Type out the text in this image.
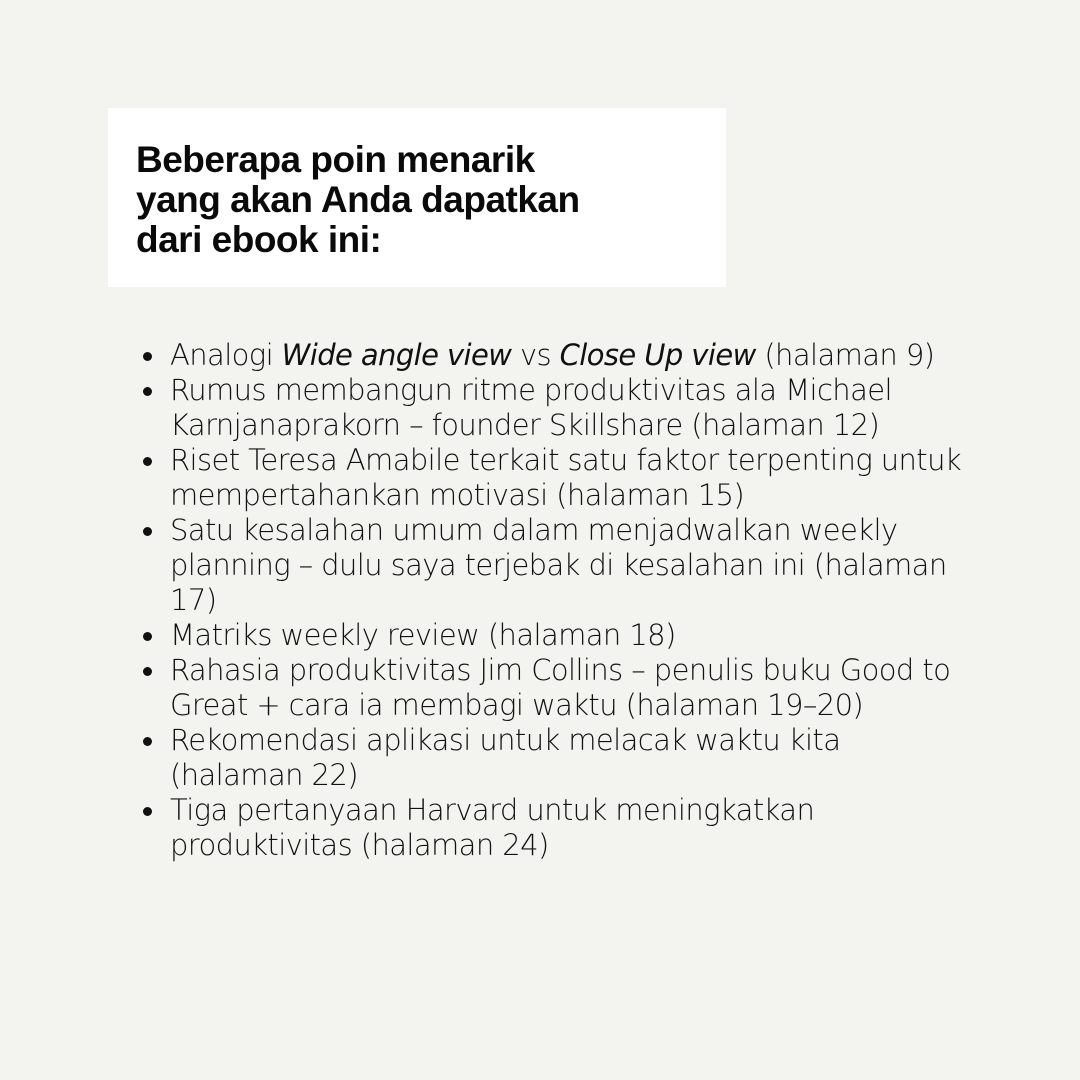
Beberapa poin menarik
yang akan Anda dapatkan
dari ebook ini:
Analogi Wide angle view vs Close Up view (halaman 9)
Rumus membangun ritme produktivitas ala Michael Karnjanaprakorn – founder Skillshare (halaman 12)
Riset Teresa Amabile terkait satu faktor terpenting untuk mempertahankan motivasi (halaman 15)
Satu kesalahan umum dalam menjadwalkan weekly planning – dulu saya terjebak di kesalahan ini (halaman 17)
Matriks weekly review (halaman 18)
Rahasia produktivitas Jim Collins – penulis buku Good to Great + cara ia membagi waktu (halaman 19–20)
Rekomendasi aplikasi untuk melacak waktu kita (halaman 22)
Tiga pertanyaan Harvard untuk meningkatkan produktivitas (halaman 24)
